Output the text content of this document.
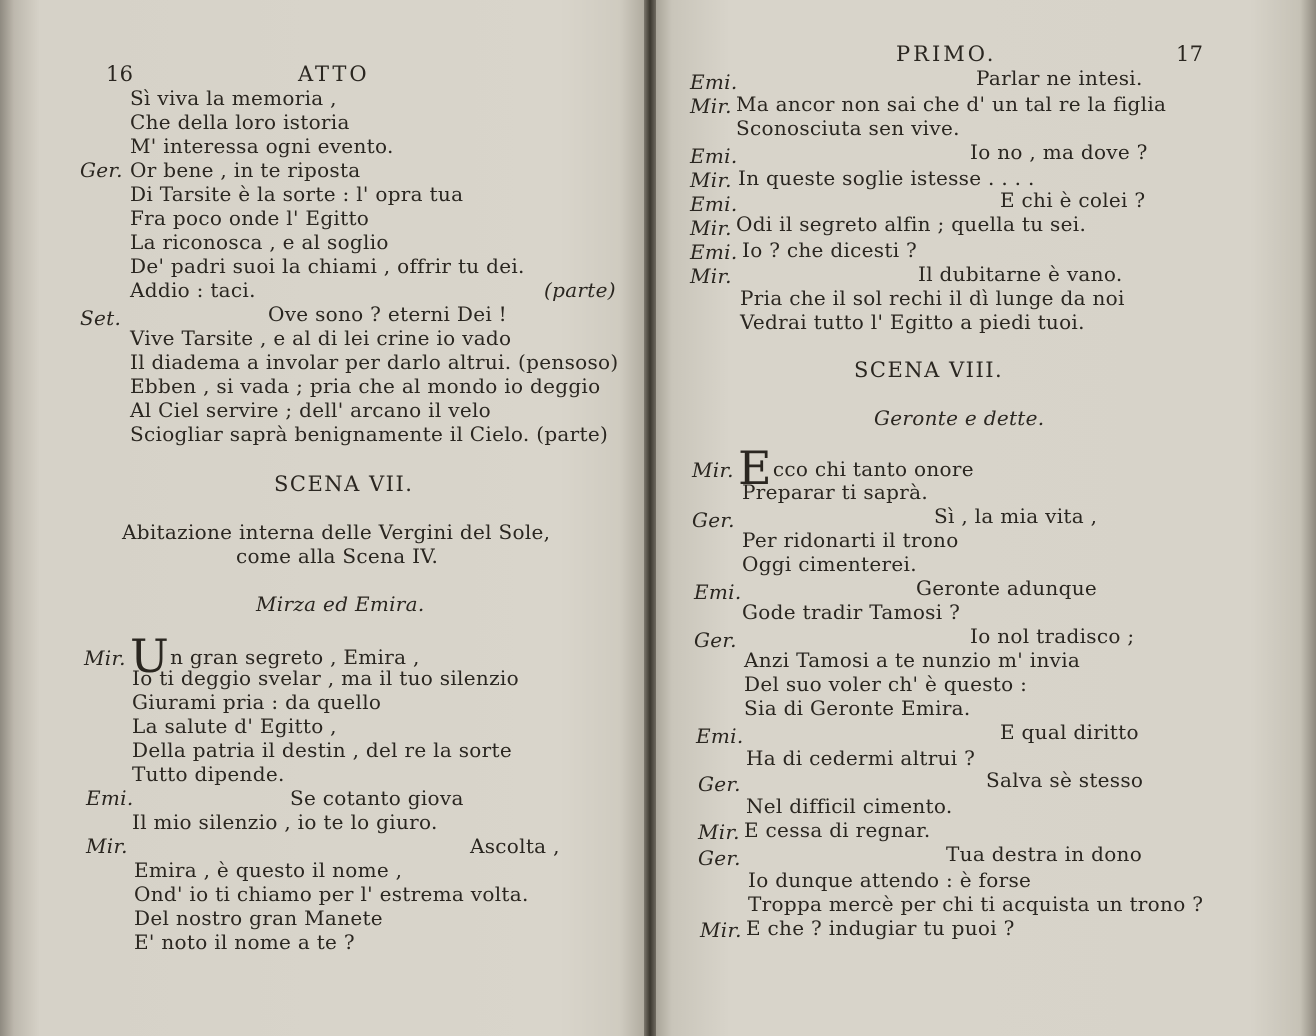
16	ATTO
Sì viva la memoria ,
Che della loro istoria
M' interessa ogni evento.
Ger. Or bene , in te riposta
Di Tarsite è la sorte : l' opra tua
Fra poco onde l' Egitto
La riconosca , e al soglio
De' padri suoi la chiami , offrir tu dei.
Addio : taci.	(parte)
Set.	Ove sono ? eterni Dei !
Vive Tarsite , e al di lei crine io vado
Il diadema a involar per darlo altrui. (pensoso)
Ebben , si vada ; pria che al mondo io deggio
Al Ciel servire ; dell' arcano il velo
Sciogliar saprà benignamente il Cielo. (parte)
SCENA VII.
Abitazione interna delle Vergini del Sole,
come alla Scena IV.
Mirza ed Emira.
Mir. Un gran segreto , Emira ,
Io ti deggio svelar , ma il tuo silenzio
Giurami pria : da quello
La salute d' Egitto ,
Della patria il destin , del re la sorte
Tutto dipende.
Emi.	Se cotanto giova
Il mio silenzio , io te lo giuro.
Mir.	Ascolta ,
Emira , è questo il nome ,
Ond' io ti chiamo per l' estrema volta.
Del nostro gran Manete
E' noto il nome a te ?
PRIMO.	17
Emi.	Parlar ne intesi.
Mir. Ma ancor non sai che d' un tal re la figlia
Sconosciuta sen vive.
Emi.	Io no , ma dove ?
Mir. In queste soglie istesse . . . .
Emi.	E chi è colei ?
Mir. Odi il segreto alfin ; quella tu sei.
Emi. Io ? che dicesti ?
Mir.	Il dubitarne è vano.
Pria che il sol rechi il dì lunge da noi
Vedrai tutto l' Egitto a piedi tuoi.
SCENA VIII.
Geronte e dette.
Mir. Ecco chi tanto onore
Preparar ti saprà.
Ger.	Sì , la mia vita ,
Per ridonarti il trono
Oggi cimenterei.
Emi.	Geronte adunque
Gode tradir Tamosi ?
Ger.	Io nol tradisco ;
Anzi Tamosi a te nunzio m' invia
Del suo voler ch' è questo :
Sia di Geronte Emira.
Emi.	E qual diritto
Ha di cedermi altrui ?
Ger.	Salva sè stesso
Nel difficil cimento.
Mir. E cessa di regnar.
Ger.	Tua destra in dono
Io dunque attendo : è forse
Troppa mercè per chi ti acquista un trono ?
Mir. E che ? indugiar tu puoi ?
